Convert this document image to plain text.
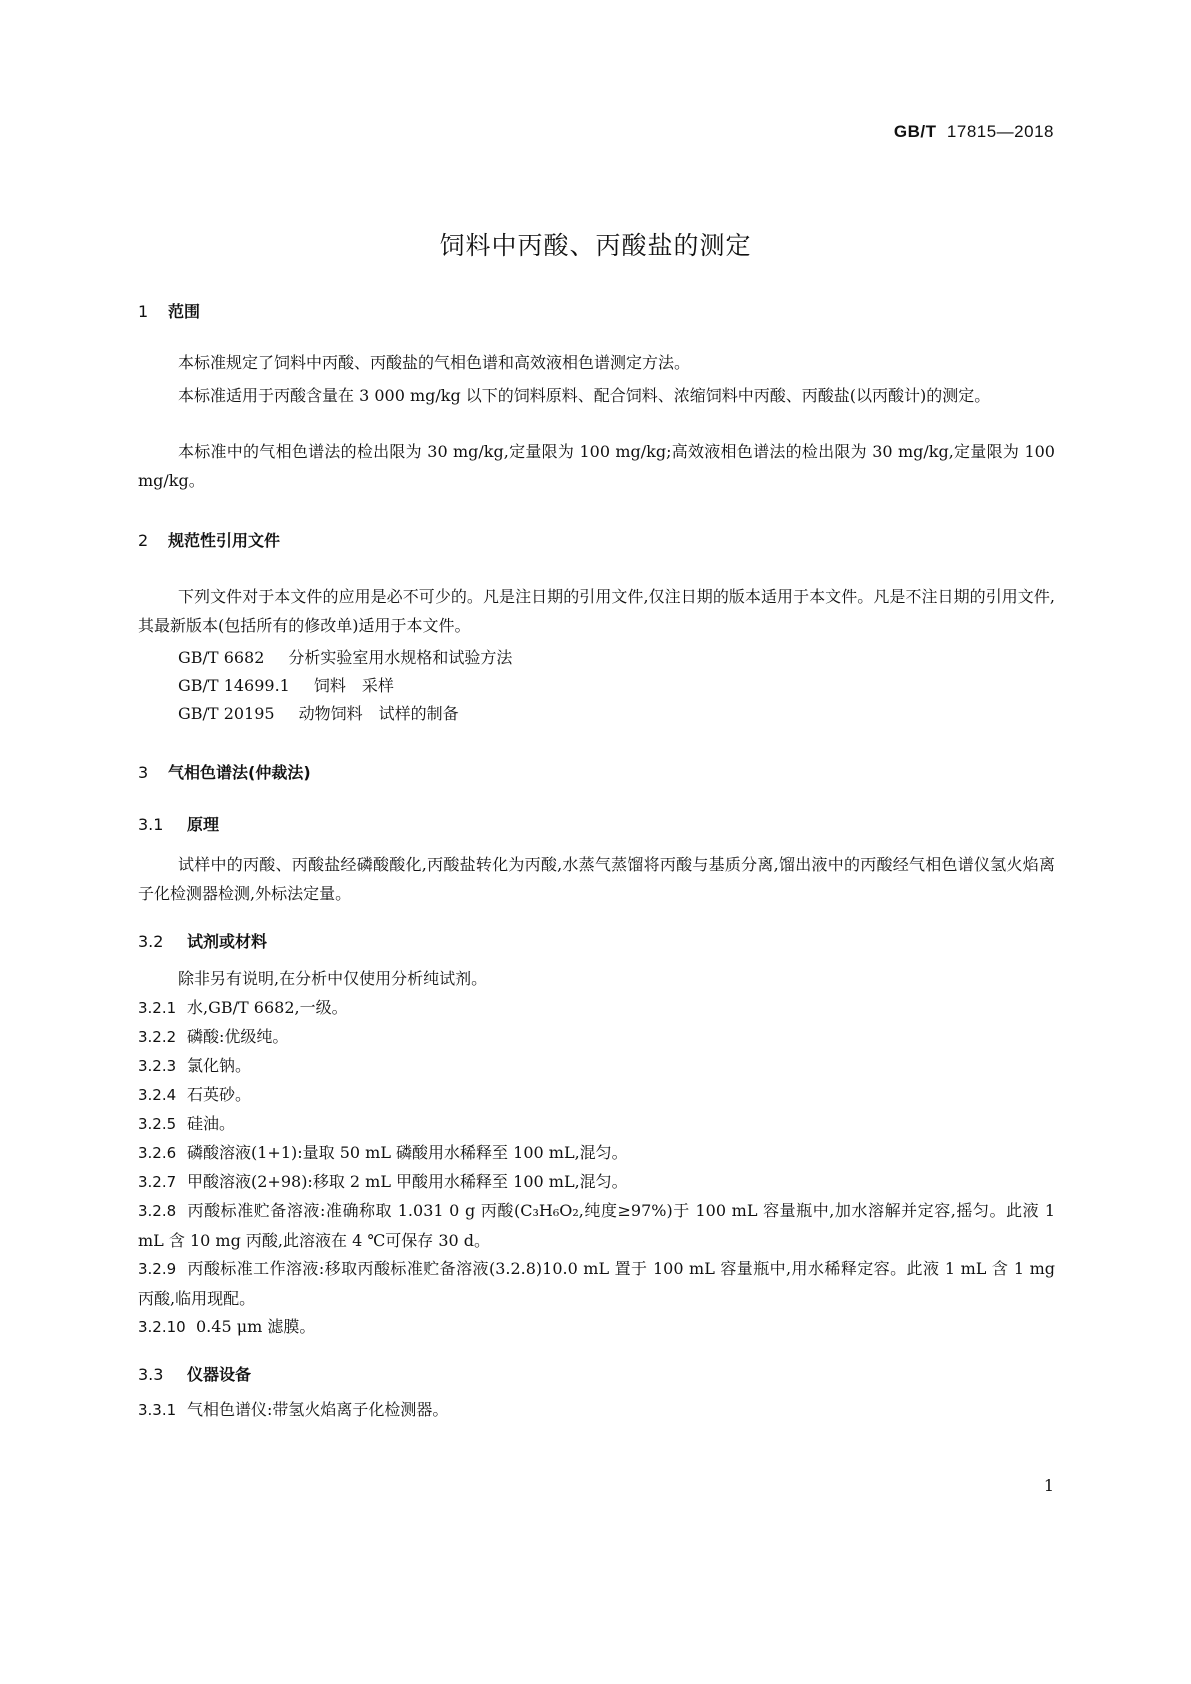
GB/T 17815—2018
饲料中丙酸、丙酸盐的测定
1 范围

本标准规定了饲料中丙酸、丙酸盐的气相色谱和高效液相色谱测定方法。

本标准适用于丙酸含量在 3 000 mg/kg 以下的饲料原料、配合饲料、浓缩饲料中丙酸、丙酸盐(以丙酸计)的测定。

本标准中的气相色谱法的检出限为 30 mg/kg,定量限为 100 mg/kg;高效液相色谱法的检出限为 30 mg/kg,定量限为 100 mg/kg。

2 规范性引用文件

下列文件对于本文件的应用是必不可少的。凡是注日期的引用文件,仅注日期的版本适用于本文件。凡是不注日期的引用文件,其最新版本(包括所有的修改单)适用于本文件。

GB/T 6682 分析实验室用水规格和试验方法
GB/T 14699.1 饲料　采样
GB/T 20195 动物饲料　试样的制备
3 气相色谱法(仲裁法)
3.1 原理

试样中的丙酸、丙酸盐经磷酸酸化,丙酸盐转化为丙酸,水蒸气蒸馏将丙酸与基质分离,馏出液中的丙酸经气相色谱仪氢火焰离子化检测器检测,外标法定量。

3.2 试剂或材料

除非另有说明,在分析中仅使用分析纯试剂。

3.2.1 水,GB/T 6682,一级。

3.2.2 磷酸:优级纯。

3.2.3 氯化钠。

3.2.4 石英砂。

3.2.5 硅油。

3.2.6 磷酸溶液(1+1):量取 50 mL 磷酸用水稀释至 100 mL,混匀。

3.2.7 甲酸溶液(2+98):移取 2 mL 甲酸用水稀释至 100 mL,混匀。

3.2.8 丙酸标准贮备溶液:准确称取 1.031 0 g 丙酸(C₃H₆O₂,纯度≥97%)于 100 mL 容量瓶中,加水溶解并定容,摇匀。此液 1 mL 含 10 mg 丙酸,此溶液在 4 ℃可保存 30 d。

3.2.9 丙酸标准工作溶液:移取丙酸标准贮备溶液(3.2.8)10.0 mL 置于 100 mL 容量瓶中,用水稀释定容。此液 1 mL 含 1 mg 丙酸,临用现配。

3.2.10 0.45 μm 滤膜。

3.3 仪器设备

3.3.1 气相色谱仪:带氢火焰离子化检测器。

1
